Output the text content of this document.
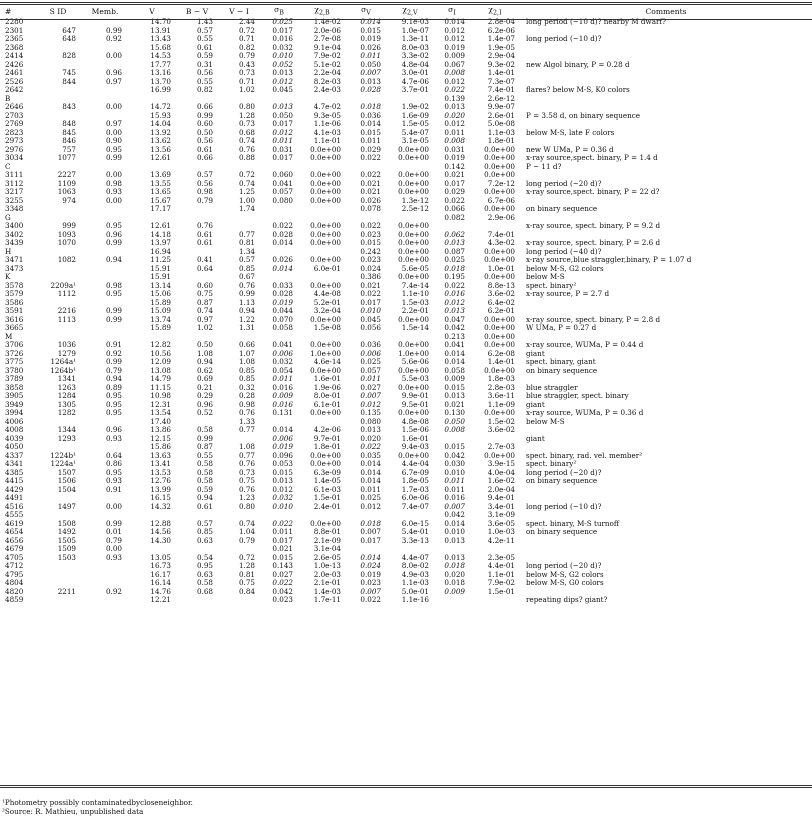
#	S ID	Memb.	V	B − V	V − I	$\sigma_B$	$\chi_{2,B}$	$\sigma_V$	$\chi_{2,V}$	$\sigma_I$	$\chi_{2,I}$	Comments
2280			14.70	1.43	2.44	0.025	1.4e-02	0.014	9.1e-03	0.014	2.8e-04	long period (~10 d)? nearby M dwarf?
2301	647	0.99	13.91	0.57	0.72	0.017	2.0e-06	0.015	1.0e-07	0.012	6.2e-06	
2365	648	0.92	13.43	0.55	0.71	0.016	2.7e-08	0.019	1.3e-11	0.012	1.4e-07	long period (~10 d)?
2368			15.68	0.61	0.82	0.032	9.1e-04	0.026	8.0e-03	0.019	1.9e-05	
2414	828	0.00	14.53	0.59	0.79	0.010	7.9e-02	0.011	3.3e-02	0.009	2.9e-04	
2426			17.77	0.31	0.43	0.052	5.1e-02	0.050	4.8e-04	0.067	9.3e-02	new Algol binary, P = 0.28 d
2461	745	0.96	13.16	0.56	0.73	0.013	2.2e-04	0.007	3.0e-01	0.008	1.4e-01	
2526	844	0.97	13.70	0.55	0.71	0.012	8.2e-03	0.013	4.7e-06	0.012	7.3e-07	
2642			16.99	0.82	1.02	0.045	2.4e-03	0.028	3.7e-01	0.022	7.4e-01	flares? below M-S, K0 colors
B										0.139	2.6e-12	
2646	843	0.00	14.72	0.66	0.80	0.013	4.7e-02	0.018	1.9e-02	0.013	9.9e-07	
2703			15.93	0.99	1.28	0.050	9.3e-05	0.036	1.6e-09	0.020	2.6e-01	P = 3.58 d, on binary sequence
2769	848	0.97	14.04	0.60	0.73	0.017	1.1e-06	0.014	1.5e-05	0.012	5.0e-08	
2823	845	0.00	13.92	0.50	0.68	0.012	4.1e-03	0.015	5.4e-07	0.011	1.1e-03	below M-S, late F colors
2973	846	0.90	13.62	0.56	0.74	0.011	1.1e-01	0.011	3.1e-05	0.008	1.8e-01	
2976	757	0.95	13.56	0.61	0.76	0.031	0.0e+00	0.029	0.0e+00	0.031	0.0e+00	new W UMa, P = 0.36 d
3034	1077	0.99	12.61	0.66	0.88	0.017	0.0e+00	0.022	0.0e+00	0.019	0.0e+00	x-ray source,spect. binary, P = 1.4 d
C										0.142	0.0e+00	P ~ 11 d?
3111	2227	0.00	13.69	0.57	0.72	0.060	0.0e+00	0.022	0.0e+00	0.021	0.0e+00	
3112	1109	0.98	13.55	0.56	0.74	0.041	0.0e+00	0.021	0.0e+00	0.017	7.2e-12	long period (~20 d)?
3217	1063	0.93	13.65	0.98	1.25	0.057	0.0e+00	0.021	0.0e+00	0.029	0.0e+00	x-ray source,spect. binary, P = 22 d?
3255	974	0.00	15.67	0.79	1.00	0.080	0.0e+00	0.026	1.3e-12	0.022	6.7e-06	
3348			17.17		1.74			0.078	2.5e-12	0.066	0.0e+00	on binary sequence
G										0.082	2.9e-06	
3400	999	0.95	12.61	0.76		0.022	0.0e+00	0.022	0.0e+00			x-ray source, spect. binary, P = 9.2 d
3402	1093	0.96	14.18	0.61	0.77	0.028	0.0e+00	0.023	0.0e+00	0.062	7.4e-01	
3439	1070	0.99	13.97	0.61	0.81	0.014	0.0e+00	0.015	0.0e+00	0.013	4.3e-02	x-ray source, spect. binary, P = 2.6 d
H			16.94		1.34			0.242	0.0e+00	0.087	0.0e+00	long period (~40 d)?
3471	1082	0.94	11.25	0.41	0.57	0.026	0.0e+00	0.023	0.0e+00	0.025	0.0e+00	x-ray source,blue straggler,binary, P = 1.07 d
3473			15.91	0.64	0.85	0.014	6.0e-01	0.024	5.6e-05	0.018	1.0e-01	below M-S, G2 colors
K			15.91		0.67			0.386	0.0e+00	0.195	0.0e+00	below M-S
3578	2209a¹	0.98	13.14	0.60	0.76	0.033	0.0e+00	0.021	7.4e-14	0.022	8.8e-13	spect. binary²
3579	1112	0.95	15.06	0.75	0.99	0.028	4.4e-08	0.022	1.1e-10	0.016	3.6e-02	x-ray source, P = 2.7 d
3586			15.89	0.87	1.13	0.019	5.2e-01	0.017	1.5e-03	0.012	6.4e-02	
3591	2216	0.99	15.09	0.74	0.94	0.044	3.2e-04	0.010	2.2e-01	0.013	6.2e-01	
3616	1113	0.99	13.74	0.97	1.22	0.070	0.0e+00	0.045	0.0e+00	0.047	0.0e+00	x-ray source, spect. binary, P = 2.8 d
3665			15.89	1.02	1.31	0.058	1.5e-08	0.056	1.5e-14	0.042	0.0e+00	W UMa, P = 0.27 d
M										0.213	0.0e+00	
3706	1036	0.91	12.82	0.50	0.66	0.041	0.0e+00	0.036	0.0e+00	0.041	0.0e+00	x-ray source, WUMa, P = 0.44 d
3726	1279	0.92	10.56	1.08	1.07	0.006	1.0e+00	0.006	1.0e+00	0.014	6.2e-08	giant
3775	1264a¹	0.99	12.09	0.94	1.08	0.032	4.6e-14	0.025	5.6e-06	0.014	1.4e-01	spect. binary, giant
3780	1264b¹	0.79	13.08	0.62	0.85	0.054	0.0e+00	0.057	0.0e+00	0.058	0.0e+00	on binary sequence
3789	1341	0.94	14.79	0.69	0.85	0.011	1.6e-01	0.011	5.5e-03	0.009	1.8e-03	
3858	1263	0.89	11.15	0.21	0.32	0.016	1.9e-06	0.027	0.0e+00	0.015	2.8e-03	blue straggler
3905	1284	0.95	10.98	0.29	0.28	0.009	8.0e-01	0.007	9.9e-01	0.013	3.6e-11	blue straggler, spect. binary
3949	1305	0.95	12.31	0.96	0.98	0.016	6.1e-01	0.012	9.5e-01	0.021	1.1e-09	giant
3994	1282	0.95	13.54	0.52	0.76	0.131	0.0e+00	0.135	0.0e+00	0.130	0.0e+00	x-ray source, WUMa, P = 0.36 d
4006			17.40		1.33			0.080	4.8e-08	0.050	1.5e-02	below M-S
4008	1344	0.96	13.86	0.58	0.77	0.014	4.2e-06	0.013	1.5e-06	0.008	3.6e-02	
4039	1293	0.93	12.15	0.99		0.006	9.7e-01	0.020	1.6e-01			giant
4050			15.86	0.87	1.08	0.019	1.8e-01	0.022	9.4e-03	0.015	2.7e-03	
4337	1224b¹	0.64	13.63	0.55	0.77	0.096	0.0e+00	0.035	0.0e+00	0.042	0.0e+00	spect. binary, rad. vel. member²
4341	1224a¹	0.86	13.41	0.58	0.76	0.053	0.0e+00	0.014	4.4e-04	0.030	3.9e-15	spect. binary²
4385	1507	0.95	13.53	0.58	0.73	0.015	6.3e-09	0.014	6.7e-09	0.010	4.0e-04	long period (~20 d)?
4415	1506	0.93	12.76	0.58	0.75	0.013	1.4e-05	0.014	1.8e-05	0.011	1.6e-02	on binary sequence
4429	1504	0.91	13.99	0.59	0.76	0.012	6.1e-03	0.011	1.7e-03	0.011	2.0e-04	
4491			16.15	0.94	1.23	0.032	1.5e-01	0.025	6.0e-06	0.016	9.4e-01	
4516	1497	0.00	14.32	0.61	0.80	0.010	2.4e-01	0.012	7.4e-07	0.007	3.4e-01	long period (~10 d)?
4555										0.042	3.1e-09	
4619	1508	0.99	12.88	0.57	0.74	0.022	0.0e+00	0.018	6.0e-15	0.014	3.6e-05	spect. binary, M-S turnoff
4654	1492	0.01	14.56	0.85	1.04	0.011	8.8e-01	0.007	5.4e-01	0.010	1.0e-03	on binary sequence
4656	1505	0.79	14.30	0.63	0.79	0.017	2.1e-09	0.017	3.3e-13	0.013	4.2e-11	
4679	1509	0.00				0.021	3.1e-04					
4705	1503	0.93	13.05	0.54	0.72	0.015	2.6e-05	0.014	4.4e-07	0.013	2.3e-05	
4712			16.73	0.95	1.28	0.143	1.0e-13	0.024	8.0e-02	0.018	4.4e-01	long period (~20 d)?
4795			16.17	0.63	0.81	0.027	2.0e-03	0.019	4.9e-03	0.020	1.1e-01	below M-S, G2 colors
4804			16.14	0.58	0.75	0.022	2.1e-01	0.023	1.1e-03	0.018	7.9e-02	below M-S, G0 colors
4820	2211	0.92	14.76	0.68	0.84	0.042	1.4e-03	0.007	5.0e-01	0.009	1.5e-01	
4859			12.21			0.023	1.7e-11	0.022	1.1e-16			repeating dips? giant?
¹Photometry possibly contaminatedbycloseneighbor.
²Source: R. Mathieu, unpublished data
